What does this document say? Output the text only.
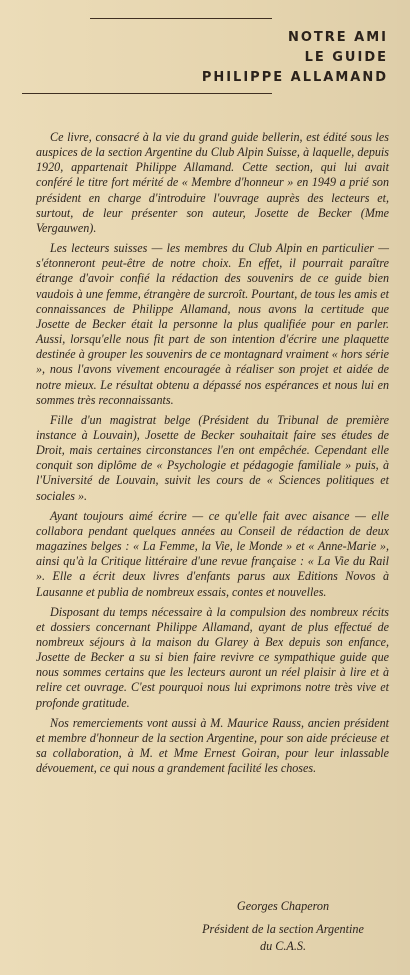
NOTRE AMI
LE GUIDE
PHILIPPE ALLAMAND

Ce livre, consacré à la vie du grand guide bellerin, est édité sous les auspices de la section Argentine du Club Alpin Suisse, à laquelle, depuis 1920, appartenait Philippe Allamand. Cette section, qui lui avait conféré le titre fort mérité de « Membre d'honneur » en 1949 a prié son président en charge d'introduire l'ouvrage auprès des lecteurs et, surtout, de leur présenter son auteur, Josette de Becker (Mme Vergauwen).

Les lecteurs suisses — les membres du Club Alpin en particulier — s'étonneront peut-être de notre choix. En effet, il pourrait paraître étrange d'avoir confié la rédaction des souvenirs de ce guide bien vaudois à une femme, étrangère de surcroît. Pourtant, de tous les amis et connaissances de Philippe Allamand, nous avons la certitude que Josette de Becker était la personne la plus qualifiée pour en parler. Aussi, lorsqu'elle nous fit part de son intention d'écrire une plaquette destinée à grouper les souvenirs de ce montagnard vraiment « hors série », nous l'avons vivement encouragée à réaliser son projet et aidée de notre mieux. Le résultat obtenu a dépassé nos espérances et nous lui en sommes très reconnaissants.

Fille d'un magistrat belge (Président du Tribunal de première instance à Louvain), Josette de Becker souhaitait faire ses études de Droit, mais certaines circonstances l'en ont empêchée. Cependant elle conquit son diplôme de « Psychologie et pédagogie familiale » puis, à l'Université de Louvain, suivit les cours de « Sciences politiques et sociales ».

Ayant toujours aimé écrire — ce qu'elle fait avec aisance — elle collabora pendant quelques années au Conseil de rédaction de deux magazines belges : « La Femme, la Vie, le Monde » et « Anne-Marie », ainsi qu'à la Critique littéraire d'une revue française : « La Vie du Rail ». Elle a écrit deux livres d'enfants parus aux Editions Novos à Lausanne et publia de nombreux essais, contes et nouvelles.

Disposant du temps nécessaire à la compulsion des nombreux récits et dossiers concernant Philippe Allamand, ayant de plus effectué de nombreux séjours à la maison du Glarey à Bex depuis son enfance, Josette de Becker a su si bien faire revivre ce sympathique guide que nous sommes certains que les lecteurs auront un réel plaisir à lire et à relire cet ouvrage. C'est pourquoi nous lui exprimons notre très vive et profonde gratitude.

Nos remerciements vont aussi à M. Maurice Rauss, ancien président et membre d'honneur de la section Argentine, pour son aide précieuse et sa collaboration, à M. et Mme Ernest Goiran, pour leur inlassable dévouement, ce qui nous a grandement facilité les choses.

Georges Chaperon
Président de la section Argentine
du C.A.S.
